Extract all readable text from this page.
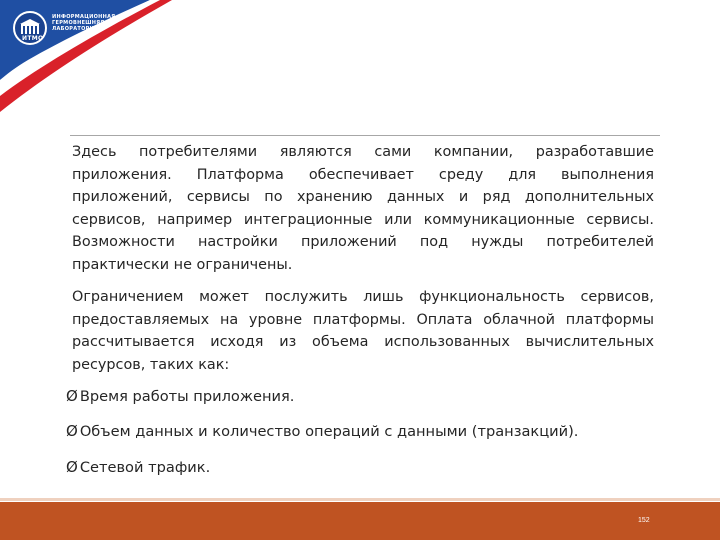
ИНФОРМАЦИОННАЯ
ГЕРМОВНЕШНЯЯ
ЛАБОРАТОРИЯ
ИТМО
Здесь потребителями являются сами компании, разработавшие приложения. Платформа обеспечивает среду для выполнения приложений, сервисы по хранению данных и ряд дополнительных сервисов, например интеграционные или коммуникационные сервисы. Возможности настройки приложений под нужды потребителей практически не ограничены.
Ограничением может послужить лишь функциональность сервисов, предоставляемых на уровне платформы. Оплата облачной платформы рассчитывается исходя из объема использованных вычислительных ресурсов, таких как:
Ø Время работы приложения.
Ø Объем данных и количество операций с данными (транзакций).
Ø Сетевой трафик.
152
